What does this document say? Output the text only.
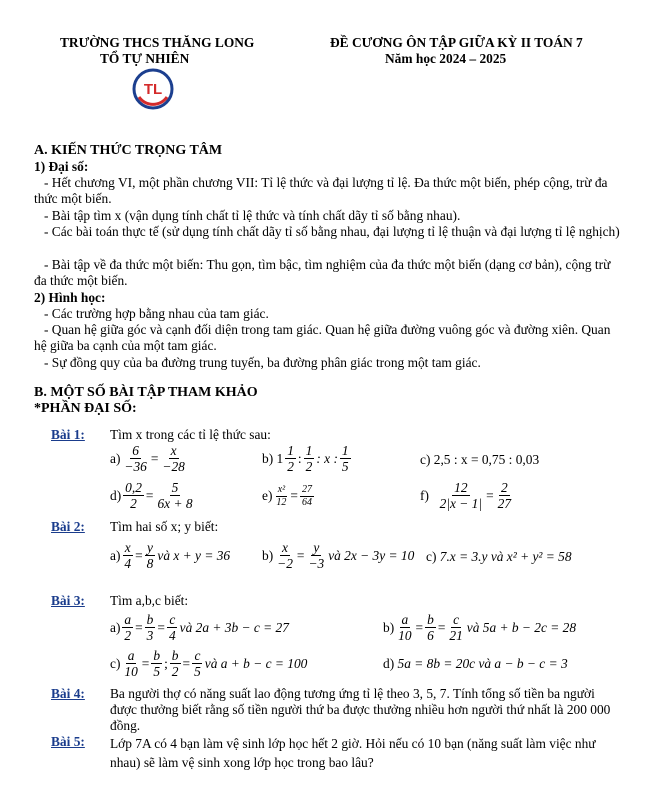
TRƯỜNG THCS THĂNG LONG
TỔ TỰ NHIÊN
ĐỀ CƯƠNG ÔN TẬP GIỮA KỲ II TOÁN 7
Năm học 2024 – 2025
TL
A. KIẾN THỨC TRỌNG TÂM
1) Đại số:
- Hết chương VI, một phần chương VII: Tỉ lệ thức và đại lượng tỉ lệ. Đa thức một biến, phép cộng, trừ đa thức một biến.
- Bài tập tìm x (vận dụng tính chất tỉ lệ thức và tính chất dãy tỉ số bằng nhau).
- Các bài toán thực tế (sử dụng tính chất dãy tỉ số bằng nhau, đại lượng tỉ lệ thuận và đại lượng tỉ lệ nghịch)
- Bài tập về đa thức một biến: Thu gọn, tìm bậc, tìm nghiệm của đa thức một biến (dạng cơ bản), cộng trừ đa thức một biến.
2) Hình học:
- Các trường hợp bằng nhau của tam giác.
- Quan hệ giữa góc và cạnh đối diện trong tam giác. Quan hệ giữa đường vuông góc và đường xiên. Quan hệ giữa ba cạnh của một tam giác.
- Sự đồng quy của ba đường trung tuyến, ba đường phân giác trong một tam giác.
B. MỘT SỐ BÀI TẬP THAM KHẢO
*PHẦN ĐẠI SỐ:
Bài 1: Tìm x trong các tỉ lệ thức sau:
$a) \frac{6}{-36} = \frac{x}{-28}$	b)
$1 \frac{1}{2}$ : $\frac{1}{2}$ : x : $\frac{1}{5}$	c)
2,5 : x = 0,75 : 0,03
$d) \frac{0,2}{2} = \frac{5}{6x + 8}$	$e) \frac{\text{x²}}{12} = \frac{27}{64}$	f)
$\frac{12}{2|x - 1|} = \frac{2}{27}$
Bài 2: Tìm hai số x; y biết:
$a) \frac{x}{4} = \frac{y}{8}$ và x + y = 36 $b) \frac{x}{-2} = \frac{y}{-3}$ và 2x − 3y = 10 c)
7.x = 3.y và x² + y² = 58
Bài 3: Tìm a,b,c biết:
$a) \frac{a}{2} = \frac{b}{3} = \frac{c}{4}$ và 2a + 3b − c = 27	$b) \frac{a}{10} = \frac{b}{6} = \frac{c}{21}$ và 5a + b − 2c = 28
$c) \frac{a}{10} = \frac{b}{5}$ ; $\frac{b}{2} = \frac{c}{5}$ và a + b − c = 100	d)
5a = 8b = 20c và a − b − c = 3
Bài 4: Ba người thợ có năng suất lao động tương ứng tỉ lệ theo 3, 5, 7. Tính tổng số tiền ba người được thưởng biết rằng số tiền người thứ ba được thưởng nhiều hơn người thứ nhất là 200 000 đồng.
Bài 5: Lớp 7A có 4 bạn làm vệ sinh lớp học hết 2 giờ. Hỏi nếu có 10 bạn (năng suất làm việc như nhau) sẽ làm vệ sinh xong lớp học trong bao lâu?
